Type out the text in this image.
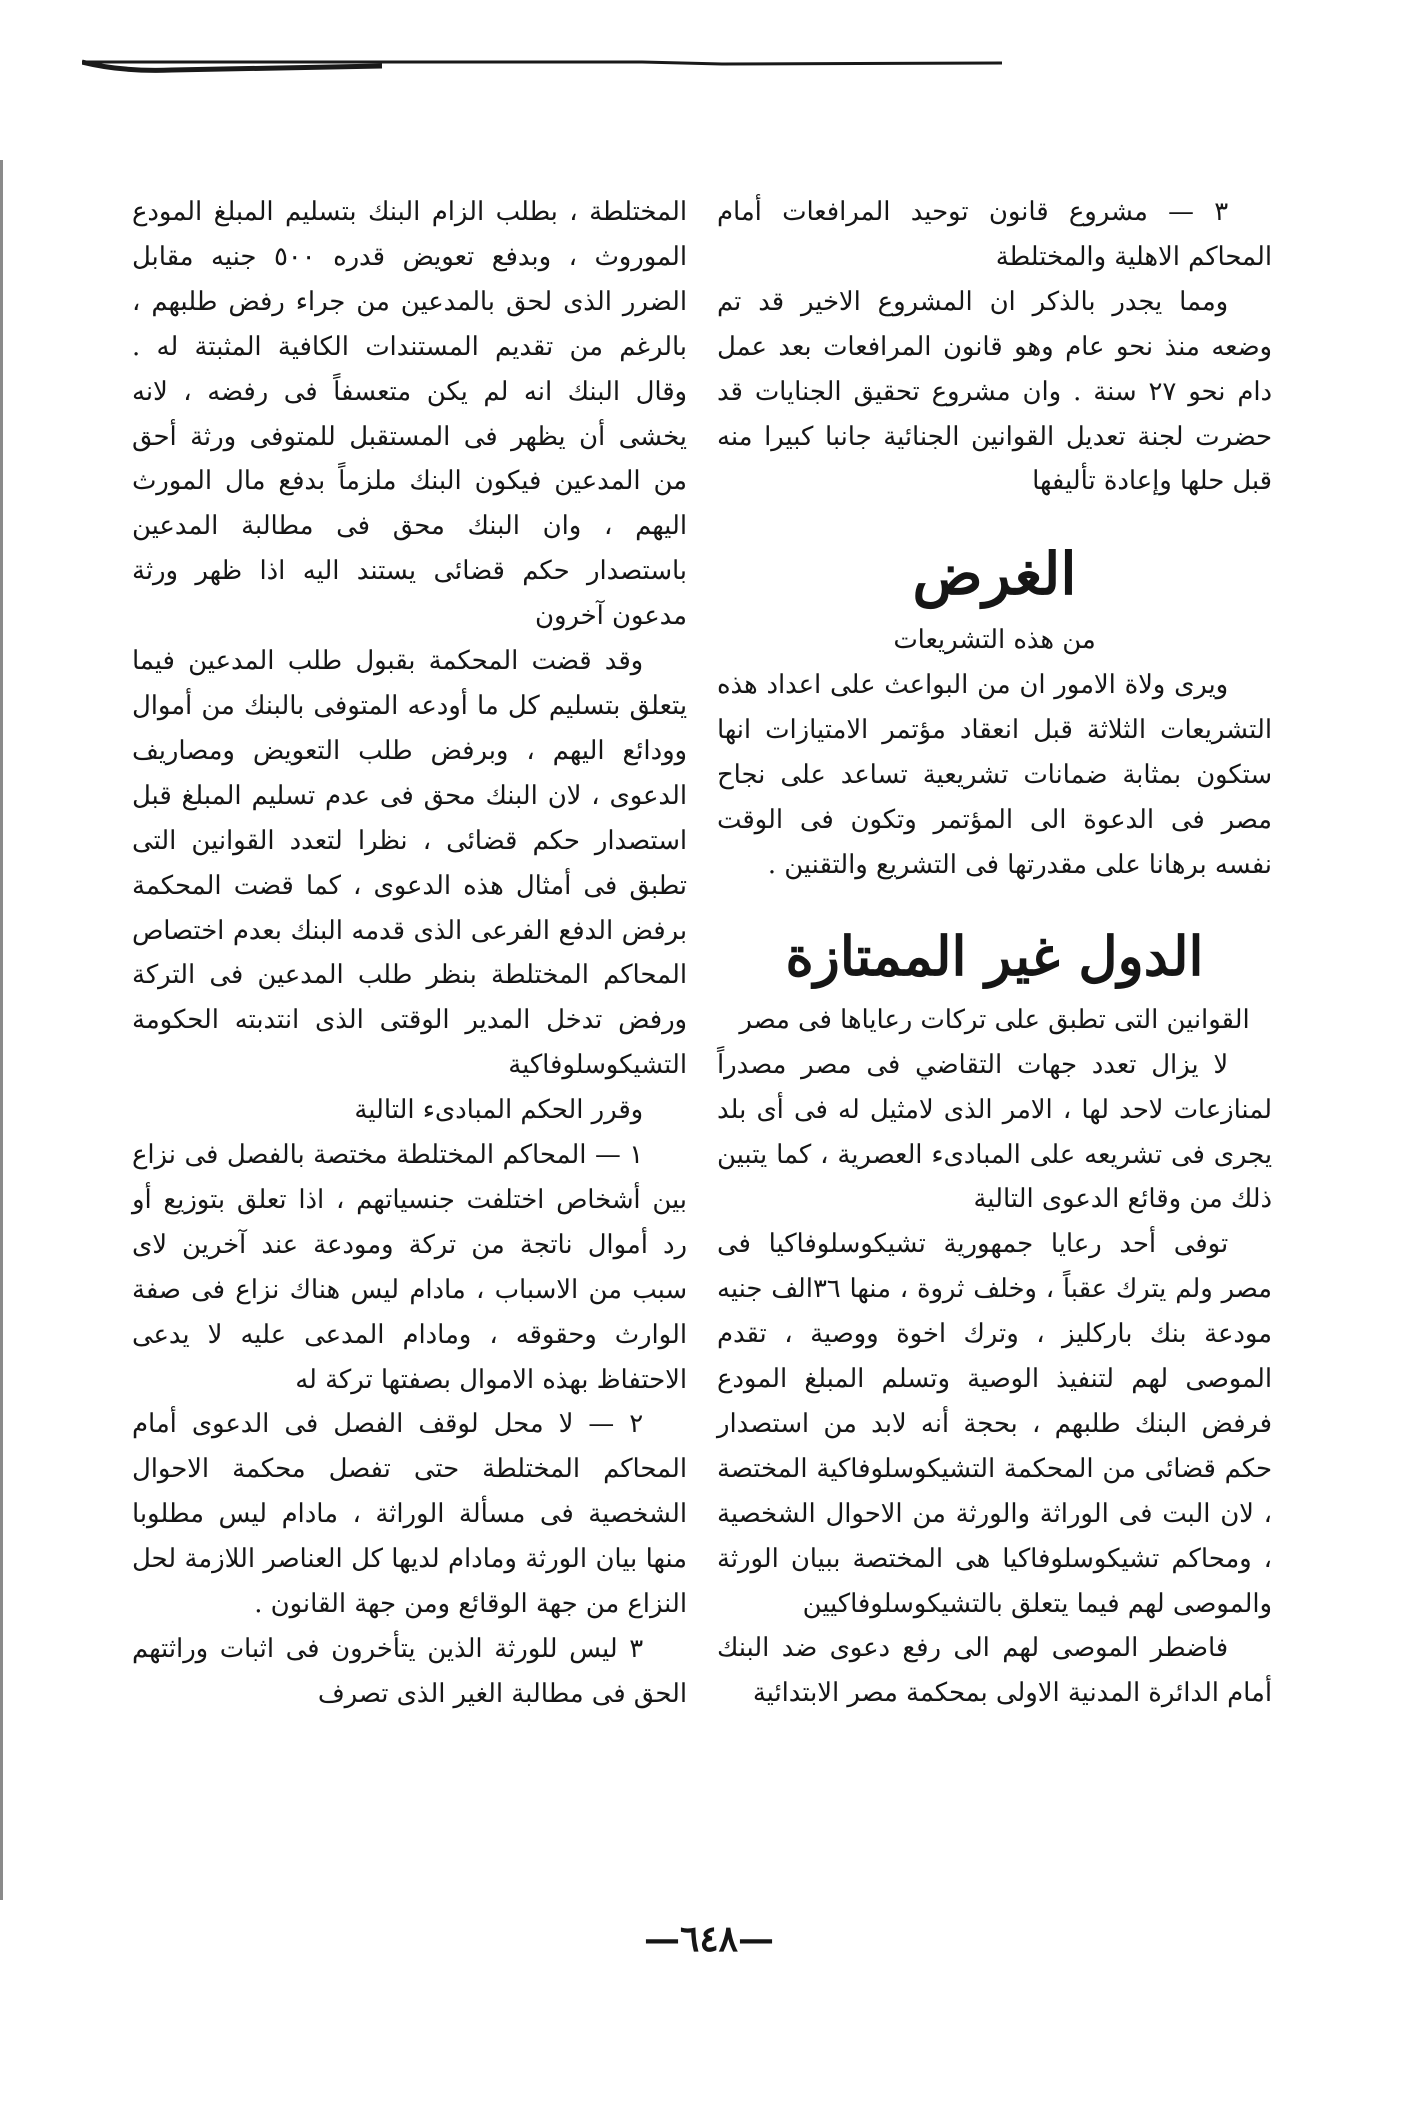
٣ — مشروع قانون توحيد المرافعات أمام المحاكم الاهلية والمختلطة

ومما يجدر بالذكر ان المشروع الاخير قد تم وضعه منذ نحو عام وهو قانون المرافعات بعد عمل دام نحو ٢٧ سنة . وان مشروع تحقيق الجنايات قد حضرت لجنة تعديل القوانين الجنائية جانبا كبيرا منه قبل حلها وإعادة تأليفها

الغرض

من هذه التشريعات

ويرى ولاة الامور ان من البواعث على اعداد هذه التشريعات الثلاثة قبل انعقاد مؤتمر الامتيازات انها ستكون بمثابة ضمانات تشريعية تساعد على نجاح مصر فى الدعوة الى المؤتمر وتكون فى الوقت نفسه برهانا على مقدرتها فى التشريع والتقنين .

الدول غير الممتازة

القوانين التى تطبق على تركات رعاياها فى مصر

لا يزال تعدد جهات التقاضي فى مصر مصدراً لمنازعات لاحد لها ، الامر الذى لامثيل له فى أى بلد يجرى فى تشريعه على المبادىء العصرية ، كما يتبين ذلك من وقائع الدعوى التالية

توفى أحد رعايا جمهورية تشيكوسلوفاكيا فى مصر ولم يترك عقباً ، وخلف ثروة ، منها ٣٦الف جنيه مودعة بنك باركليز ، وترك اخوة ووصية ، تقدم الموصى لهم لتنفيذ الوصية وتسلم المبلغ المودع فرفض البنك طلبهم ، بحجة أنه لابد من استصدار حكم قضائى من المحكمة التشيكوسلوفاكية المختصة ، لان البت فى الوراثة والورثة من الاحوال الشخصية ، ومحاكم تشيكوسلوفاكيا هى المختصة ببيان الورثة والموصى لهم فيما يتعلق بالتشيكوسلوفاكيين

فاضطر الموصى لهم الى رفع دعوى ضد البنك أمام الدائرة المدنية الاولى بمحكمة مصر الابتدائية

المختلطة ، بطلب الزام البنك بتسليم المبلغ المودع الموروث ، وبدفع تعويض قدره ٥٠٠ جنيه مقابل الضرر الذى لحق بالمدعين من جراء رفض طلبهم ، بالرغم من تقديم المستندات الكافية المثبتة له . وقال البنك انه لم يكن متعسفاً فى رفضه ، لانه يخشى أن يظهر فى المستقبل للمتوفى ورثة أحق من المدعين فيكون البنك ملزماً بدفع مال المورث اليهم ، وان البنك محق فى مطالبة المدعين باستصدار حكم قضائى يستند اليه اذا ظهر ورثة مدعون آخرون

وقد قضت المحكمة بقبول طلب المدعين فيما يتعلق بتسليم كل ما أودعه المتوفى بالبنك من أموال وودائع اليهم ، وبرفض طلب التعويض ومصاريف الدعوى ، لان البنك محق فى عدم تسليم المبلغ قبل استصدار حكم قضائى ، نظرا لتعدد القوانين التى تطبق فى أمثال هذه الدعوى ، كما قضت المحكمة برفض الدفع الفرعى الذى قدمه البنك بعدم اختصاص المحاكم المختلطة بنظر طلب المدعين فى التركة ورفض تدخل المدير الوقتى الذى انتدبته الحكومة التشيكوسلوفاكية

وقرر الحكم المبادىء التالية

١ — المحاكم المختلطة مختصة بالفصل فى نزاع بين أشخاص اختلفت جنسياتهم ، اذا تعلق بتوزيع أو رد أموال ناتجة من تركة ومودعة عند آخرين لاى سبب من الاسباب ، مادام ليس هناك نزاع فى صفة الوارث وحقوقه ، ومادام المدعى عليه لا يدعى الاحتفاظ بهذه الاموال بصفتها تركة له

٢ — لا محل لوقف الفصل فى الدعوى أمام المحاكم المختلطة حتى تفصل محكمة الاحوال الشخصية فى مسألة الوراثة ، مادام ليس مطلوبا منها بيان الورثة ومادام لديها كل العناصر اللازمة لحل النزاع من جهة الوقائع ومن جهة القانون .

٣ ليس للورثة الذين يتأخرون فى اثبات وراثتهم الحق فى مطالبة الغير الذى تصرف

—٦٤٨—
